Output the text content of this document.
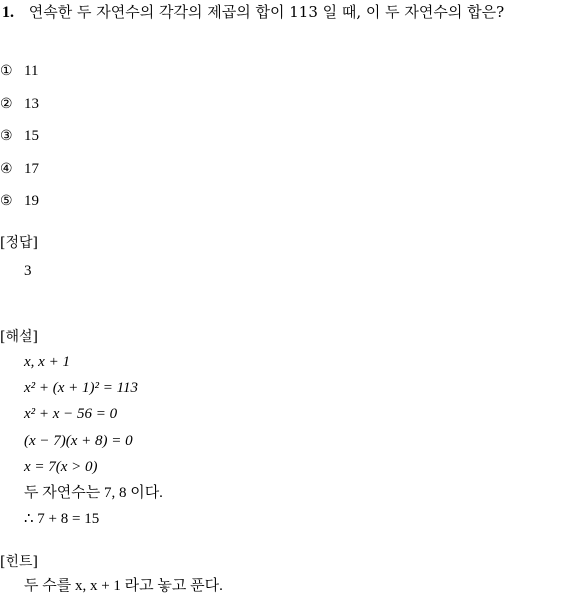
1. 연속한 두 자연수의 각각의 제곱의 합이 113 일 때, 이 두 자연수의 합은?
① 11
② 13
③ 15
④ 17
⑤ 19
[정답]
3
[해설]
x, x + 1
x² + (x + 1)² = 113
x² + x − 56 = 0
(x − 7)(x + 8) = 0
x = 7(x > 0)
두 자연수는 7, 8 이다.
∴ 7 + 8 = 15
[힌트]
두 수를 x, x + 1 라고 놓고 푼다.
